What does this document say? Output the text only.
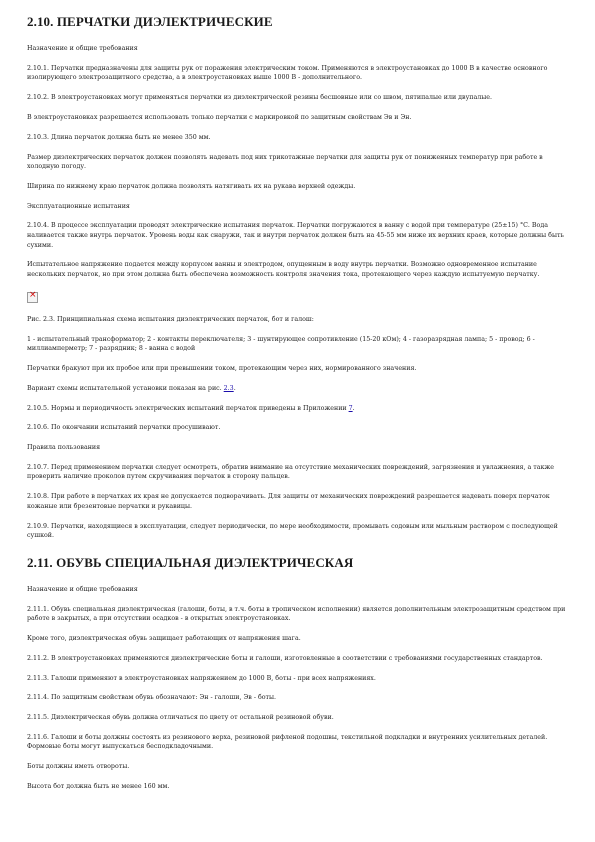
2.10. ПЕРЧАТКИ ДИЭЛЕКТРИЧЕСКИЕ

Назначение и общие требования

2.10.1. Перчатки предназначены для защиты рук от поражения электрическим током. Применяются в электроустановках до 1000 В в качестве основного изолирующего электрозащитного средства, а в электроустановках выше 1000 В - дополнительного.

2.10.2. В электроустановках могут применяться перчатки из диэлектрической резины бесшовные или со швом, пятипалые или двупалые.

В электроустановках разрешается использовать только перчатки с маркировкой по защитным свойствам Эв и Эн.

2.10.3. Длина перчаток должна быть не менее 350 мм.

Размер диэлектрических перчаток должен позволять надевать под них трикотажные перчатки для защиты рук от пониженных температур при работе в холодную погоду.

Ширина по нижнему краю перчаток должна позволять натягивать их на рукава верхней одежды.

Эксплуатационные испытания

2.10.4. В процессе эксплуатации проводят электрические испытания перчаток. Перчатки погружаются в ванну с водой при температуре (25±15) °С. Вода наливается также внутрь перчаток. Уровень воды как снаружи, так и внутри перчаток должен быть на 45-55 мм ниже их верхних краев, которые должны быть сухими.

Испытательное напряжение подается между корпусом ванны и электродом, опущенным в воду внутрь перчатки. Возможно одновременное испытание нескольких перчаток, но при этом должна быть обеспечена возможность контроля значения тока, протекающего через каждую испытуемую перчатку.

×

Рис. 2.3. Принципиальная схема испытания диэлектрических перчаток, бот и галош:

1 - испытательный трансформатор; 2 - контакты переключателя; 3 - шунтирующее сопротивление (15-20 кОм); 4 - газоразрядная лампа; 5 - провод; 6 - миллиамперметр; 7 - разрядник; 8 - ванна с водой

Перчатки бракуют при их пробое или при превышении током, протекающим через них, нормированного значения.

Вариант схемы испытательной установки показан на рис. 2.3.

2.10.5. Нормы и периодичность электрических испытаний перчаток приведены в Приложении 7.

2.10.6. По окончании испытаний перчатки просушивают.

Правила пользования

2.10.7. Перед применением перчатки следует осмотреть, обратив внимание на отсутствие механических повреждений, загрязнения и увлажнения, а также проверить наличие проколов путем скручивания перчаток в сторону пальцев.

2.10.8. При работе в перчатках их края не допускается подворачивать. Для защиты от механических повреждений разрешается надевать поверх перчаток кожаные или брезентовые перчатки и рукавицы.

2.10.9. Перчатки, находящиеся в эксплуатации, следует периодически, по мере необходимости, промывать содовым или мыльным раствором с последующей сушкой.

2.11. ОБУВЬ СПЕЦИАЛЬНАЯ ДИЭЛЕКТРИЧЕСКАЯ

Назначение и общие требования

2.11.1. Обувь специальная диэлектрическая (галоши, боты, в т.ч. боты в тропическом исполнении) является дополнительным электрозащитным средством при работе в закрытых, а при отсутствии осадков - в открытых электроустановках.

Кроме того, диэлектрическая обувь защищает работающих от напряжения шага.

2.11.2. В электроустановках применяются диэлектрические боты и галоши, изготовленные в соответствии с требованиями государственных стандартов.

2.11.3. Галоши применяют в электроустановках напряжением до 1000 В, боты - при всех напряжениях.

2.11.4. По защитным свойствам обувь обозначают: Эн - галоши, Эв - боты.

2.11.5. Диэлектрическая обувь должна отличаться по цвету от остальной резиновой обуви.

2.11.6. Галоши и боты должны состоять из резинового верха, резиновой рифленой подошвы, текстильной подкладки и внутренних усилительных деталей. Формовые боты могут выпускаться бесподкладочными.

Боты должны иметь отвороты.

Высота бот должна быть не менее 160 мм.
